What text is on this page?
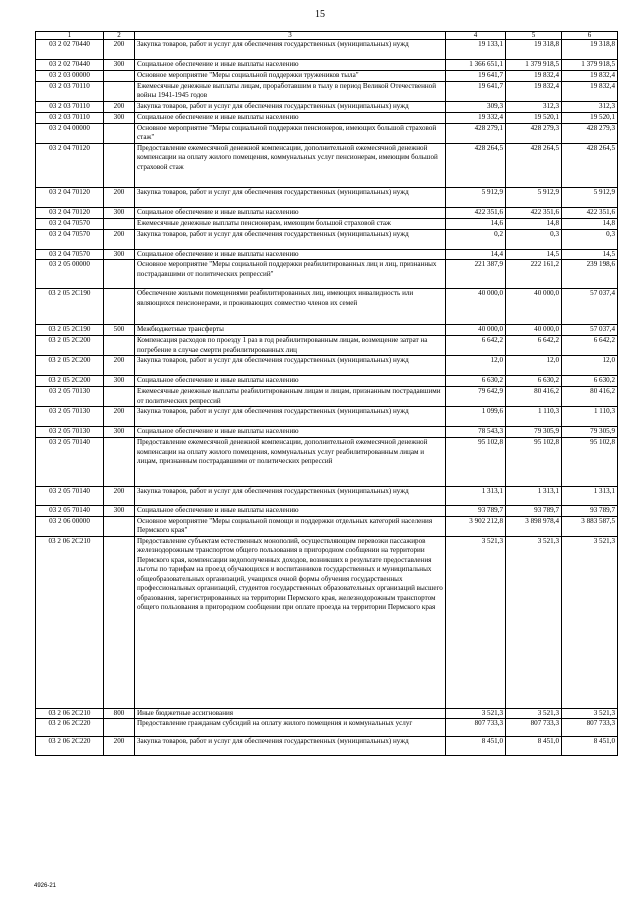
15
1	2	3	4	5	6
03 2 02 70440	200	Закупка товаров, работ и услуг для обеспечения государственных (муниципальных) нужд	19 133,1	19 318,8	19 318,8
03 2 02 70440	300	Социальное обеспечение и иные выплаты населению	1 366 651,1	1 379 918,5	1 379 918,5
03 2 03 00000		Основное мероприятие "Меры социальной поддержки тружеников тыла"	19 641,7	19 832,4	19 832,4
03 2 03 70110		Ежемесячные денежные выплаты лицам, проработавшим в тылу в период Великой Отечественной войны 1941-1945 годов	19 641,7	19 832,4	19 832,4
03 2 03 70110	200	Закупка товаров, работ и услуг для обеспечения государственных (муниципальных) нужд	309,3	312,3	312,3
03 2 03 70110	300	Социальное обеспечение и иные выплаты населению	19 332,4	19 520,1	19 520,1
03 2 04 00000		Основное мероприятие "Меры социальной поддержки пенсионеров, имеющих большой страховой стаж"	428 279,1	428 279,3	428 279,3
03 2 04 70120		Предоставление ежемесячной денежной компенсации, дополнительной ежемесячной денежной компенсации на оплату жилого помещения, коммунальных услуг пенсионерам, имеющим большой страховой стаж	428 264,5	428 264,5	428 264,5
03 2 04 70120	200	Закупка товаров, работ и услуг для обеспечения государственных (муниципальных) нужд	5 912,9	5 912,9	5 912,9
03 2 04 70120	300	Социальное обеспечение и иные выплаты населению	422 351,6	422 351,6	422 351,6
03 2 04 70570		Ежемесячные денежные выплаты пенсионерам, имеющим большой страховой стаж	14,6	14,8	14,8
03 2 04 70570	200	Закупка товаров, работ и услуг для обеспечения государственных (муниципальных) нужд	0,2	0,3	0,3
03 2 04 70570	300	Социальное обеспечение и иные выплаты населению	14,4	14,5	14,5
03 2 05 00000		Основное мероприятие "Меры социальной поддержки реабилитированных лиц и лиц, признанных пострадавшими от политических репрессий"	221 387,9	222 161,2	239 198,6
03 2 05 2C190		Обеспечение жилыми помещениями реабилитированных лиц, имеющих инвалидность или являющихся пенсионерами, и проживающих совместно членов их семей	40 000,0	40 000,0	57 037,4
03 2 05 2C190	500	Межбюджетные трансферты	40 000,0	40 000,0	57 037,4
03 2 05 2C200		Компенсация расходов по проезду 1 раз в год реабилитированным лицам, возмещение затрат на погребение в случае смерти реабилитированных лиц	6 642,2	6 642,2	6 642,2
03 2 05 2C200	200	Закупка товаров, работ и услуг для обеспечения государственных (муниципальных) нужд	12,0	12,0	12,0
03 2 05 2C200	300	Социальное обеспечение и иные выплаты населению	6 630,2	6 630,2	6 630,2
03 2 05 70130		Ежемесячные денежные выплаты реабилитированным лицам и лицам, признанным пострадавшими от политических репрессий	79 642,9	80 416,2	80 416,2
03 2 05 70130	200	Закупка товаров, работ и услуг для обеспечения государственных (муниципальных) нужд	1 099,6	1 110,3	1 110,3
03 2 05 70130	300	Социальное обеспечение и иные выплаты населению	78 543,3	79 305,9	79 305,9
03 2 05 70140		Предоставление ежемесячной денежной компенсации, дополнительной ежемесячной денежной компенсации на оплату жилого помещения, коммунальных услуг реабилитированным лицам и лицам, признанным пострадавшими от политических репрессий	95 102,8	95 102,8	95 102,8
03 2 05 70140	200	Закупка товаров, работ и услуг для обеспечения государственных (муниципальных) нужд	1 313,1	1 313,1	1 313,1
03 2 05 70140	300	Социальное обеспечение и иные выплаты населению	93 789,7	93 789,7	93 789,7
03 2 06 00000		Основное мероприятие "Меры социальной помощи и поддержки отдельных категорий населения Пермского края"	3 902 212,8	3 898 978,4	3 883 587,5
03 2 06 2C210		Предоставление субъектам естественных монополий, осуществляющим перевозки пассажиров железнодорожным транспортом общего пользования в пригородном сообщении на территории Пермского края, компенсации недополученных доходов, возникших в результате предоставления льготы по тарифам на проезд обучающихся и воспитанников государственных и муниципальных общеобразовательных организаций, учащихся очной формы обучения государственных профессиональных организаций, студентов государственных образовательных организаций высшего образования, зарегистрированных на территории Пермского края, железнодорожным транспортом общего пользования в пригородном сообщении при оплате проезда на территории Пермского края	3 521,3	3 521,3	3 521,3
03 2 06 2C210	800	Иные бюджетные ассигнования	3 521,3	3 521,3	3 521,3
03 2 06 2C220		Предоставление гражданам субсидий на оплату жилого помещения и коммунальных услуг	807 733,3	807 733,3	807 733,3
03 2 06 2C220	200	Закупка товаров, работ и услуг для обеспечения государственных (муниципальных) нужд	8 451,0	8 451,0	8 451,0
4926-21
